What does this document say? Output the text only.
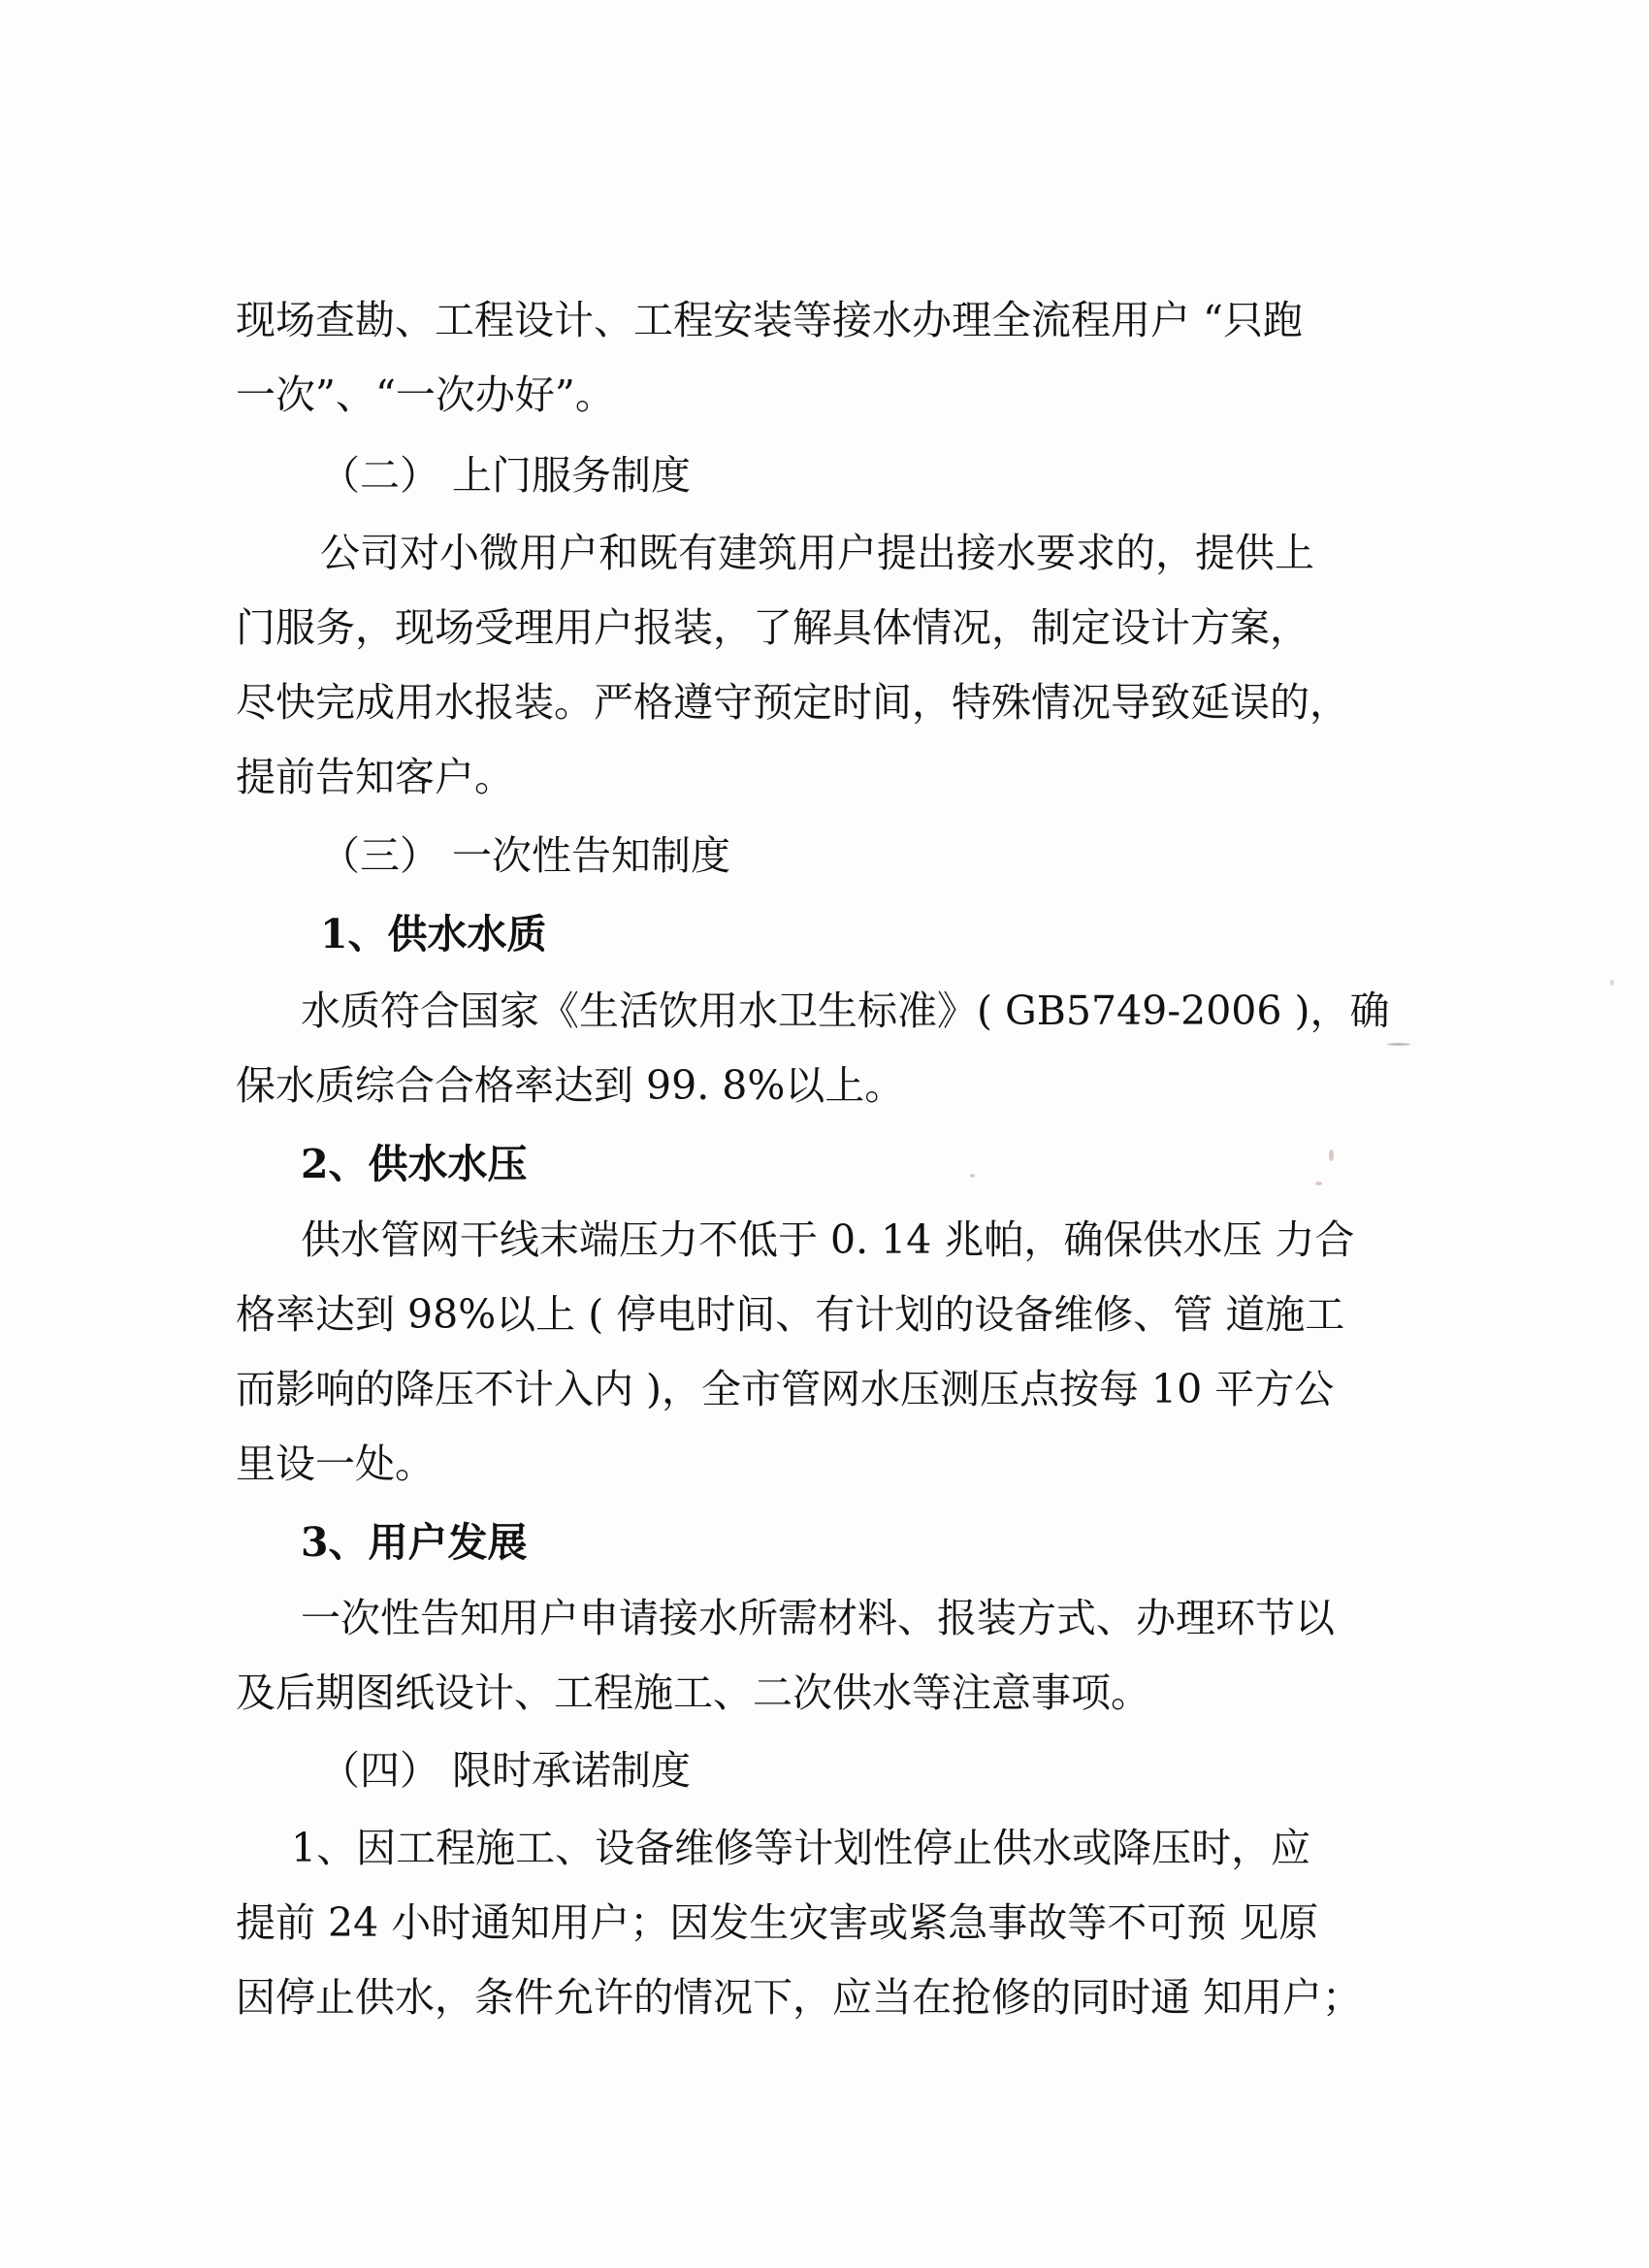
现场查勘、工程设计、工程安装等接水办理全流程用户 “只跑
一次”、“一次办好”。
（二） 上门服务制度
公司对小微用户和既有建筑用户提出接水要求的，提供上
门服务，现场受理用户报装，了解具体情况，制定设计方案，
尽快完成用水报装。严格遵守预定时间，特殊情况导致延误的，
提前告知客户。
（三） 一次性告知制度
1、供水水质
水质符合国家《生活饮用水卫生标准》( GB5749-2006 )，确
保水质综合合格率达到 99. 8%以上。
2、供水水压
供水管网干线末端压力不低于 0. 14 兆帕，确保供水压 力合
格率达到 98%以上 ( 停电时间、有计划的设备维修、管 道施工
而影响的降压不计入内 )，全市管网水压测压点按每 10 平方公
里设一处。
3、用户发展
一次性告知用户申请接水所需材料、报装方式、办理环节以
及后期图纸设计、工程施工、二次供水等注意事项。
（四） 限时承诺制度
1、因工程施工、设备维修等计划性停止供水或降压时，应
提前 24 小时通知用户；因发生灾害或紧急事故等不可预 见原
因停止供水，条件允许的情况下，应当在抢修的同时通 知用户；
